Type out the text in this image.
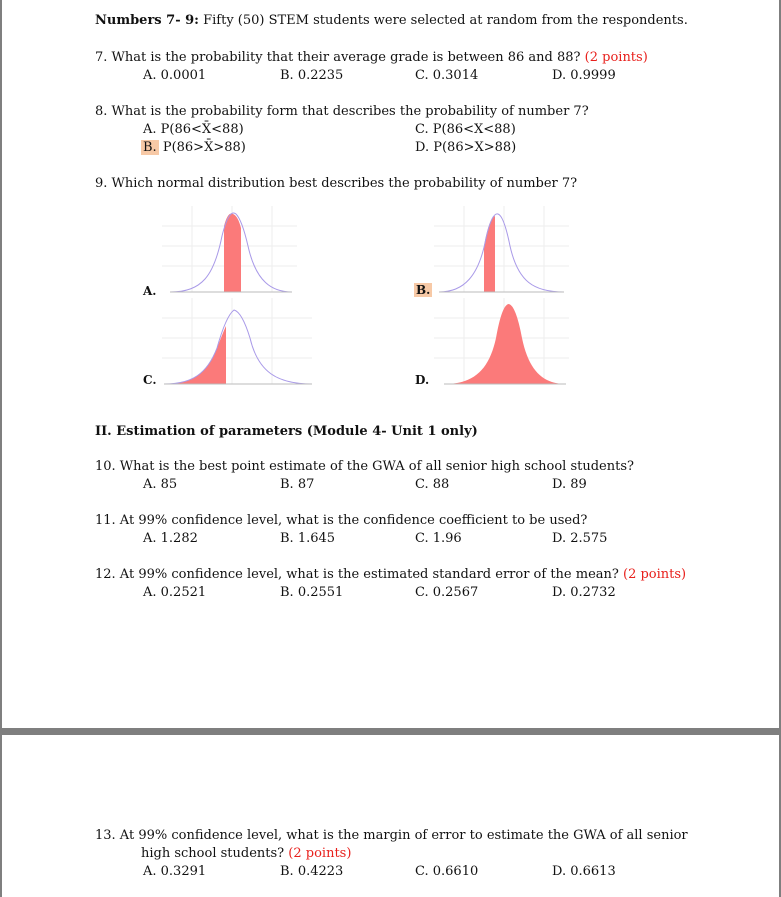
Numbers 7- 9: Fifty (50) STEM students were selected at random from the respondents.
7. What is the probability that their average grade is between 86 and 88? (2 points)
A. 0.0001	B. 0.2235	C. 0.3014	D. 0.9999
8. What is the probability form that describes the probability of number 7?
A. P(86<X̄<88)	C. P(86<X<88)
B. P(86>X̄>88)	D. P(86>X>88)
9. Which normal distribution best describes the probability of number 7?
A.	B.
C.	D.
II. Estimation of parameters (Module 4- Unit 1 only)
10. What is the best point estimate of the GWA of all senior high school students?
A. 85	B. 87	C. 88	D. 89
11. At 99% confidence level, what is the confidence coefficient to be used?
A. 1.282	B. 1.645	C. 1.96	D. 2.575
12. At 99% confidence level, what is the estimated standard error of the mean? (2 points)
A. 0.2521	B. 0.2551	C. 0.2567	D. 0.2732
13. At 99% confidence level, what is the margin of error to estimate the GWA of all senior
high school students? (2 points)
A. 0.3291	B. 0.4223	C. 0.6610	D. 0.6613
